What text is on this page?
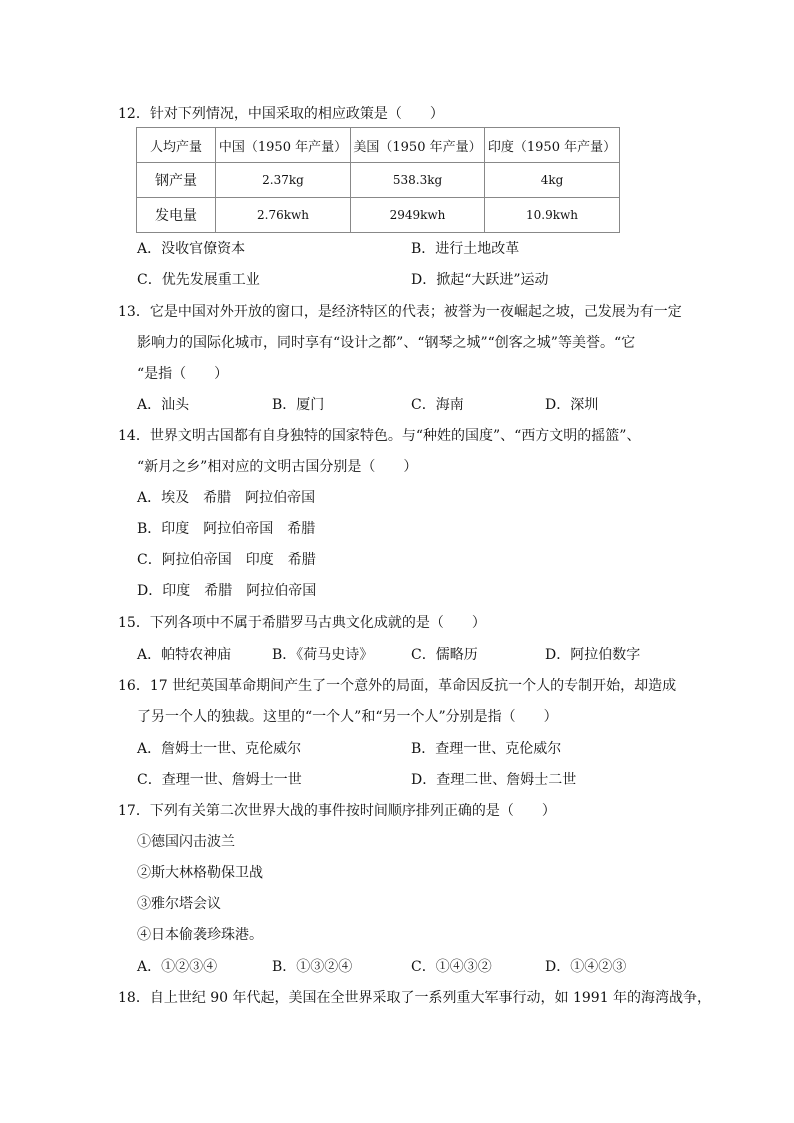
12．针对下列情况，中国采取的相应政策是（　　）
人均产量	中国（1950 年产量）	美国（1950 年产量）	印度（1950 年产量）
钢产量	2.37kg	538.3kg	4kg
发电量	2.76kwh	2949kwh	10.9kwh
A．没收官僚资本	B．进行土地改革
C．优先发展重工业	D．掀起“大跃进”运动
13．它是中国对外开放的窗口，是经济特区的代表；被誉为一夜崛起之坡，己发展为有一定
影响力的国际化城市，同时享有“设计之都”、“钢琴之城”“创客之城”等美誉。“它
“是指（　　）
A．汕头	B．厦门	C．海南	D．深圳
14．世界文明古国都有自身独特的国家特色。与“种姓的国度”、“西方文明的摇篮”、
“新月之乡”相对应的文明古国分别是（　　）
A．埃及　希腊　阿拉伯帝国
B．印度　阿拉伯帝国　希腊
C．阿拉伯帝国　印度　希腊
D．印度　希腊　阿拉伯帝国
15．下列各项中不属于希腊罗马古典文化成就的是（　　）
A．帕特农神庙	B．《荷马史诗》	C．儒略历	D．阿拉伯数字
16．17 世纪英国革命期间产生了一个意外的局面，革命因反抗一个人的专制开始，却造成
了另一个人的独裁。这里的“一个人”和“另一个人”分别是指（　　）
A．詹姆士一世、克伦威尔	B．查理一世、克伦威尔
C．查理一世、詹姆士一世	D．查理二世、詹姆士二世
17．下列有关第二次世界大战的事件按时间顺序排列正确的是（　　）
①德国闪击波兰
②斯大林格勒保卫战
③雅尔塔会议
④日本偷袭珍珠港。
A．①②③④	B．①③②④	C．①④③②	D．①④②③
18．自上世纪 90 年代起，美国在全世界采取了一系列重大军事行动，如 1991 年的海湾战争，
